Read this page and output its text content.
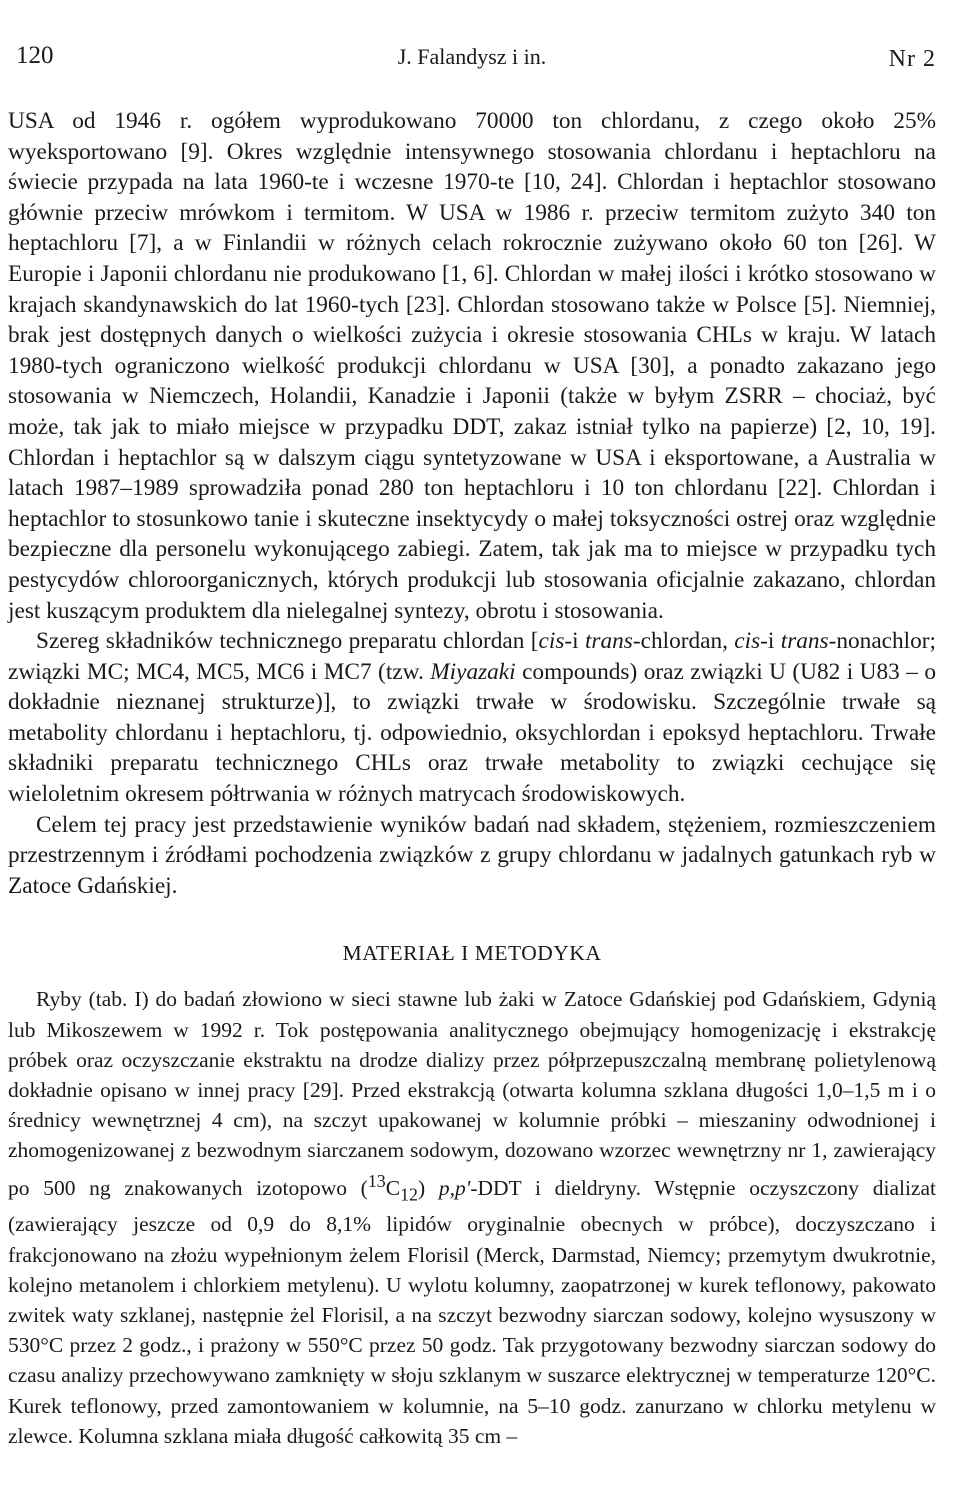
120	J. Falandysz i in.	Nr 2

USA od 1946 r. ogółem wyprodukowano 70000 ton chlordanu, z czego około 25% wyeksportowano [9]. Okres względnie intensywnego stosowania chlordanu i heptachloru na świecie przypada na lata 1960-te i wczesne 1970-te [10, 24]. Chlordan i heptachlor stosowano głównie przeciw mrówkom i termitom. W USA w 1986 r. przeciw termitom zużyto 340 ton heptachloru [7], a w Finlandii w różnych celach rokrocznie zużywano około 60 ton [26]. W Europie i Japonii chlordanu nie produkowano [1, 6]. Chlordan w małej ilości i krótko stosowano w krajach skandynawskich do lat 1960-tych [23]. Chlordan stosowano także w Polsce [5]. Niemniej, brak jest dostępnych danych o wielkości zużycia i okresie stosowania CHLs w kraju. W latach 1980-tych ograniczono wielkość produkcji chlordanu w USA [30], a ponadto zakazano jego stosowania w Niemczech, Holandii, Kanadzie i Japonii (także w byłym ZSRR – chociaż, być może, tak jak to miało miejsce w przypadku DDT, zakaz istniał tylko na papierze) [2, 10, 19]. Chlordan i heptachlor są w dalszym ciągu syntetyzowane w USA i eksportowane, a Australia w latach 1987–1989 sprowadziła ponad 280 ton heptachloru i 10 ton chlordanu [22]. Chlordan i heptachlor to stosunkowo tanie i skuteczne insektycydy o małej toksyczności ostrej oraz względnie bezpieczne dla personelu wykonującego zabiegi. Zatem, tak jak ma to miejsce w przypadku tych pestycydów chloroorganicznych, których produkcji lub stosowania oficjalnie zakazano, chlordan jest kuszącym produktem dla nielegalnej syntezy, obrotu i stosowania.

Szereg składników technicznego preparatu chlordan [cis-i trans-chlordan, cis-i trans-nonachlor; związki MC; MC4, MC5, MC6 i MC7 (tzw. Miyazaki compounds) oraz związki U (U82 i U83 – o dokładnie nieznanej strukturze)], to związki trwałe w środowisku. Szczególnie trwałe są metabolity chlordanu i heptachloru, tj. odpowiednio, oksychlordan i epoksyd heptachloru. Trwałe składniki preparatu technicznego CHLs oraz trwałe metabolity to związki cechujące się wieloletnim okresem półtrwania w różnych matrycach środowiskowych.

Celem tej pracy jest przedstawienie wyników badań nad składem, stężeniem, rozmieszczeniem przestrzennym i źródłami pochodzenia związków z grupy chlordanu w jadalnych gatunkach ryb w Zatoce Gdańskiej.

MATERIAŁ I METODYKA

Ryby (tab. I) do badań złowiono w sieci stawne lub żaki w Zatoce Gdańskiej pod Gdańskiem, Gdynią lub Mikoszewem w 1992 r. Tok postępowania analitycznego obejmujący homogenizację i ekstrakcję próbek oraz oczyszczanie ekstraktu na drodze dializy przez półprzepuszczalną membranę polietylenową dokładnie opisano w innej pracy [29]. Przed ekstrakcją (otwarta kolumna szklana długości 1,0–1,5 m i o średnicy wewnętrznej 4 cm), na szczyt upakowanej w kolumnie próbki – mieszaniny odwodnionej i zhomogenizowanej z bezwodnym siarczanem sodowym, dozowano wzorzec wewnętrzny nr 1, zawierający po 500 ng znakowanych izotopowo $(^{13}C_{12})$ p,p'-DDT i dieldryny. Wstępnie oczyszczony dializat (zawierający jeszcze od 0,9 do 8,1% lipidów oryginalnie obecnych w próbce), doczyszczano i frakcjonowano na złożu wypełnionym żelem Florisil (Merck, Darmstad, Niemcy; przemytym dwukrotnie, kolejno metanolem i chlorkiem metylenu). U wylotu kolumny, zaopatrzonej w kurek teflonowy, pakowato zwitek waty szklanej, następnie żel Florisil, a na szczyt bezwodny siarczan sodowy, kolejno wysuszony w 530°C przez 2 godz., i prażony w 550°C przez 50 godz. Tak przygotowany bezwodny siarczan sodowy do czasu analizy przechowywano zamknięty w słoju szklanym w suszarce elektrycznej w temperaturze 120°C. Kurek teflonowy, przed zamontowaniem w kolumnie, na 5–10 godz. zanurzano w chlorku metylenu w zlewce. Kolumna szklana miała długość całkowitą 35 cm –
